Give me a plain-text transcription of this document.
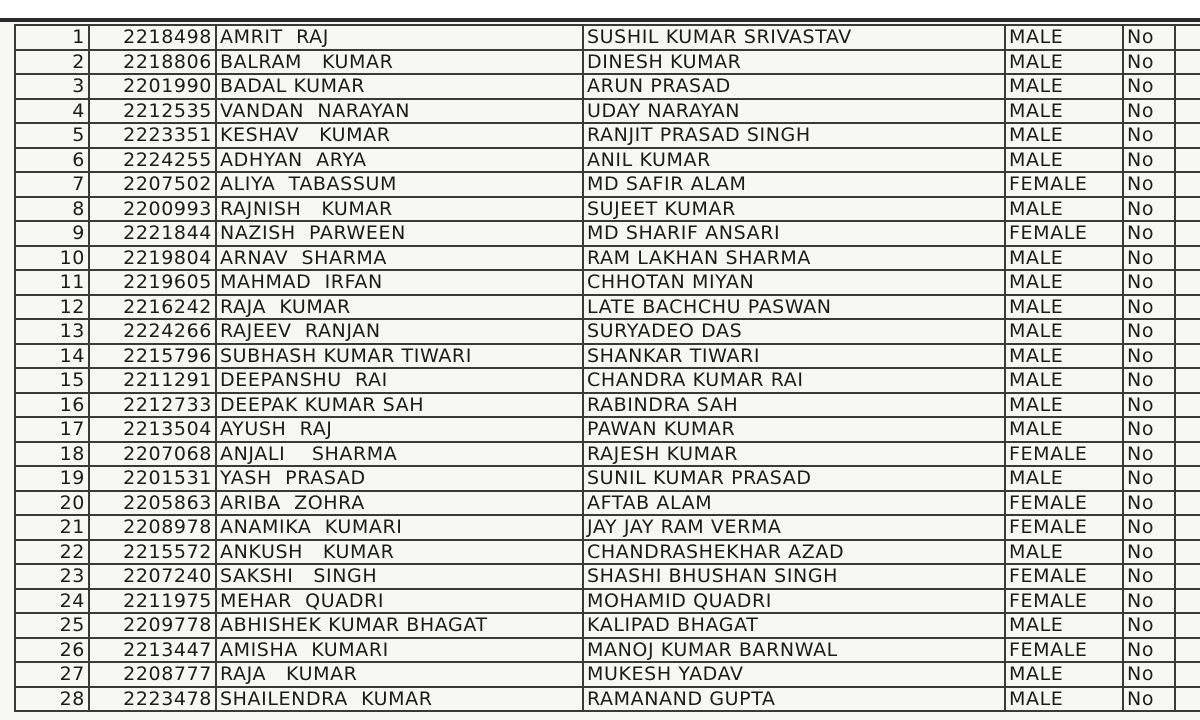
1	2218498	AMRIT  RAJ	SUSHIL KUMAR SRIVASTAV	MALE	No	
2	2218806	BALRAM   KUMAR	DINESH KUMAR	MALE	No	
3	2201990	BADAL KUMAR	ARUN PRASAD	MALE	No	
4	2212535	VANDAN  NARAYAN	UDAY NARAYAN	MALE	No	
5	2223351	KESHAV   KUMAR	RANJIT PRASAD SINGH	MALE	No	
6	2224255	ADHYAN  ARYA	ANIL KUMAR	MALE	No	
7	2207502	ALIYA  TABASSUM	MD SAFIR ALAM	FEMALE	No	
8	2200993	RAJNISH   KUMAR	SUJEET KUMAR	MALE	No	
9	2221844	NAZISH  PARWEEN	MD SHARIF ANSARI	FEMALE	No	
10	2219804	ARNAV  SHARMA	RAM LAKHAN SHARMA	MALE	No	
11	2219605	MAHMAD  IRFAN	CHHOTAN MIYAN	MALE	No	
12	2216242	RAJA  KUMAR	LATE BACHCHU PASWAN	MALE	No	
13	2224266	RAJEEV  RANJAN	SURYADEO DAS	MALE	No	
14	2215796	SUBHASH KUMAR TIWARI	SHANKAR TIWARI	MALE	No	
15	2211291	DEEPANSHU  RAI	CHANDRA KUMAR RAI	MALE	No	
16	2212733	DEEPAK KUMAR SAH	RABINDRA SAH	MALE	No	
17	2213504	AYUSH  RAJ	PAWAN KUMAR	MALE	No	
18	2207068	ANJALI    SHARMA	RAJESH KUMAR	FEMALE	No	
19	2201531	YASH  PRASAD	SUNIL KUMAR PRASAD	MALE	No	
20	2205863	ARIBA  ZOHRA	AFTAB ALAM	FEMALE	No	
21	2208978	ANAMIKA  KUMARI	JAY JAY RAM VERMA	FEMALE	No	
22	2215572	ANKUSH   KUMAR	CHANDRASHEKHAR AZAD	MALE	No	
23	2207240	SAKSHI   SINGH	SHASHI BHUSHAN SINGH	FEMALE	No	
24	2211975	MEHAR  QUADRI	MOHAMID QUADRI	FEMALE	No	
25	2209778	ABHISHEK KUMAR BHAGAT	KALIPAD BHAGAT	MALE	No	
26	2213447	AMISHA  KUMARI	MANOJ KUMAR BARNWAL	FEMALE	No	
27	2208777	RAJA   KUMAR	MUKESH YADAV	MALE	No	
28	2223478	SHAILENDRA  KUMAR	RAMANAND GUPTA	MALE	No	
